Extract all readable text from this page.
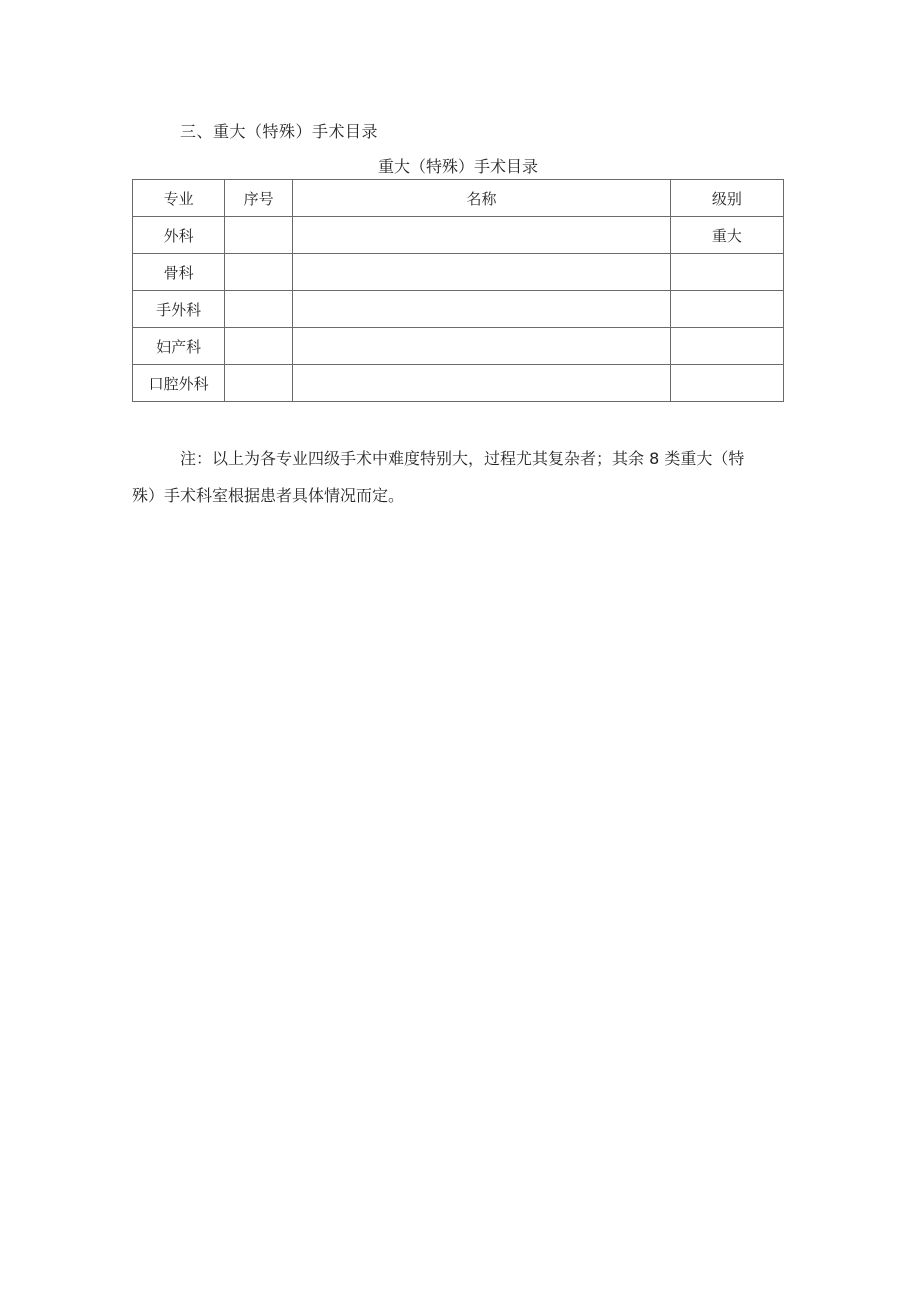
三、重大（特殊）手术目录
重大（特殊）手术目录
专业	序号	名称	级别
外科			重大
骨科			
手外科			
妇产科			
口腔外科			
注：以上为各专业四级手术中难度特别大，过程尤其复杂者；其余 8 类重大（特
殊）手术科室根据患者具体情况而定。
